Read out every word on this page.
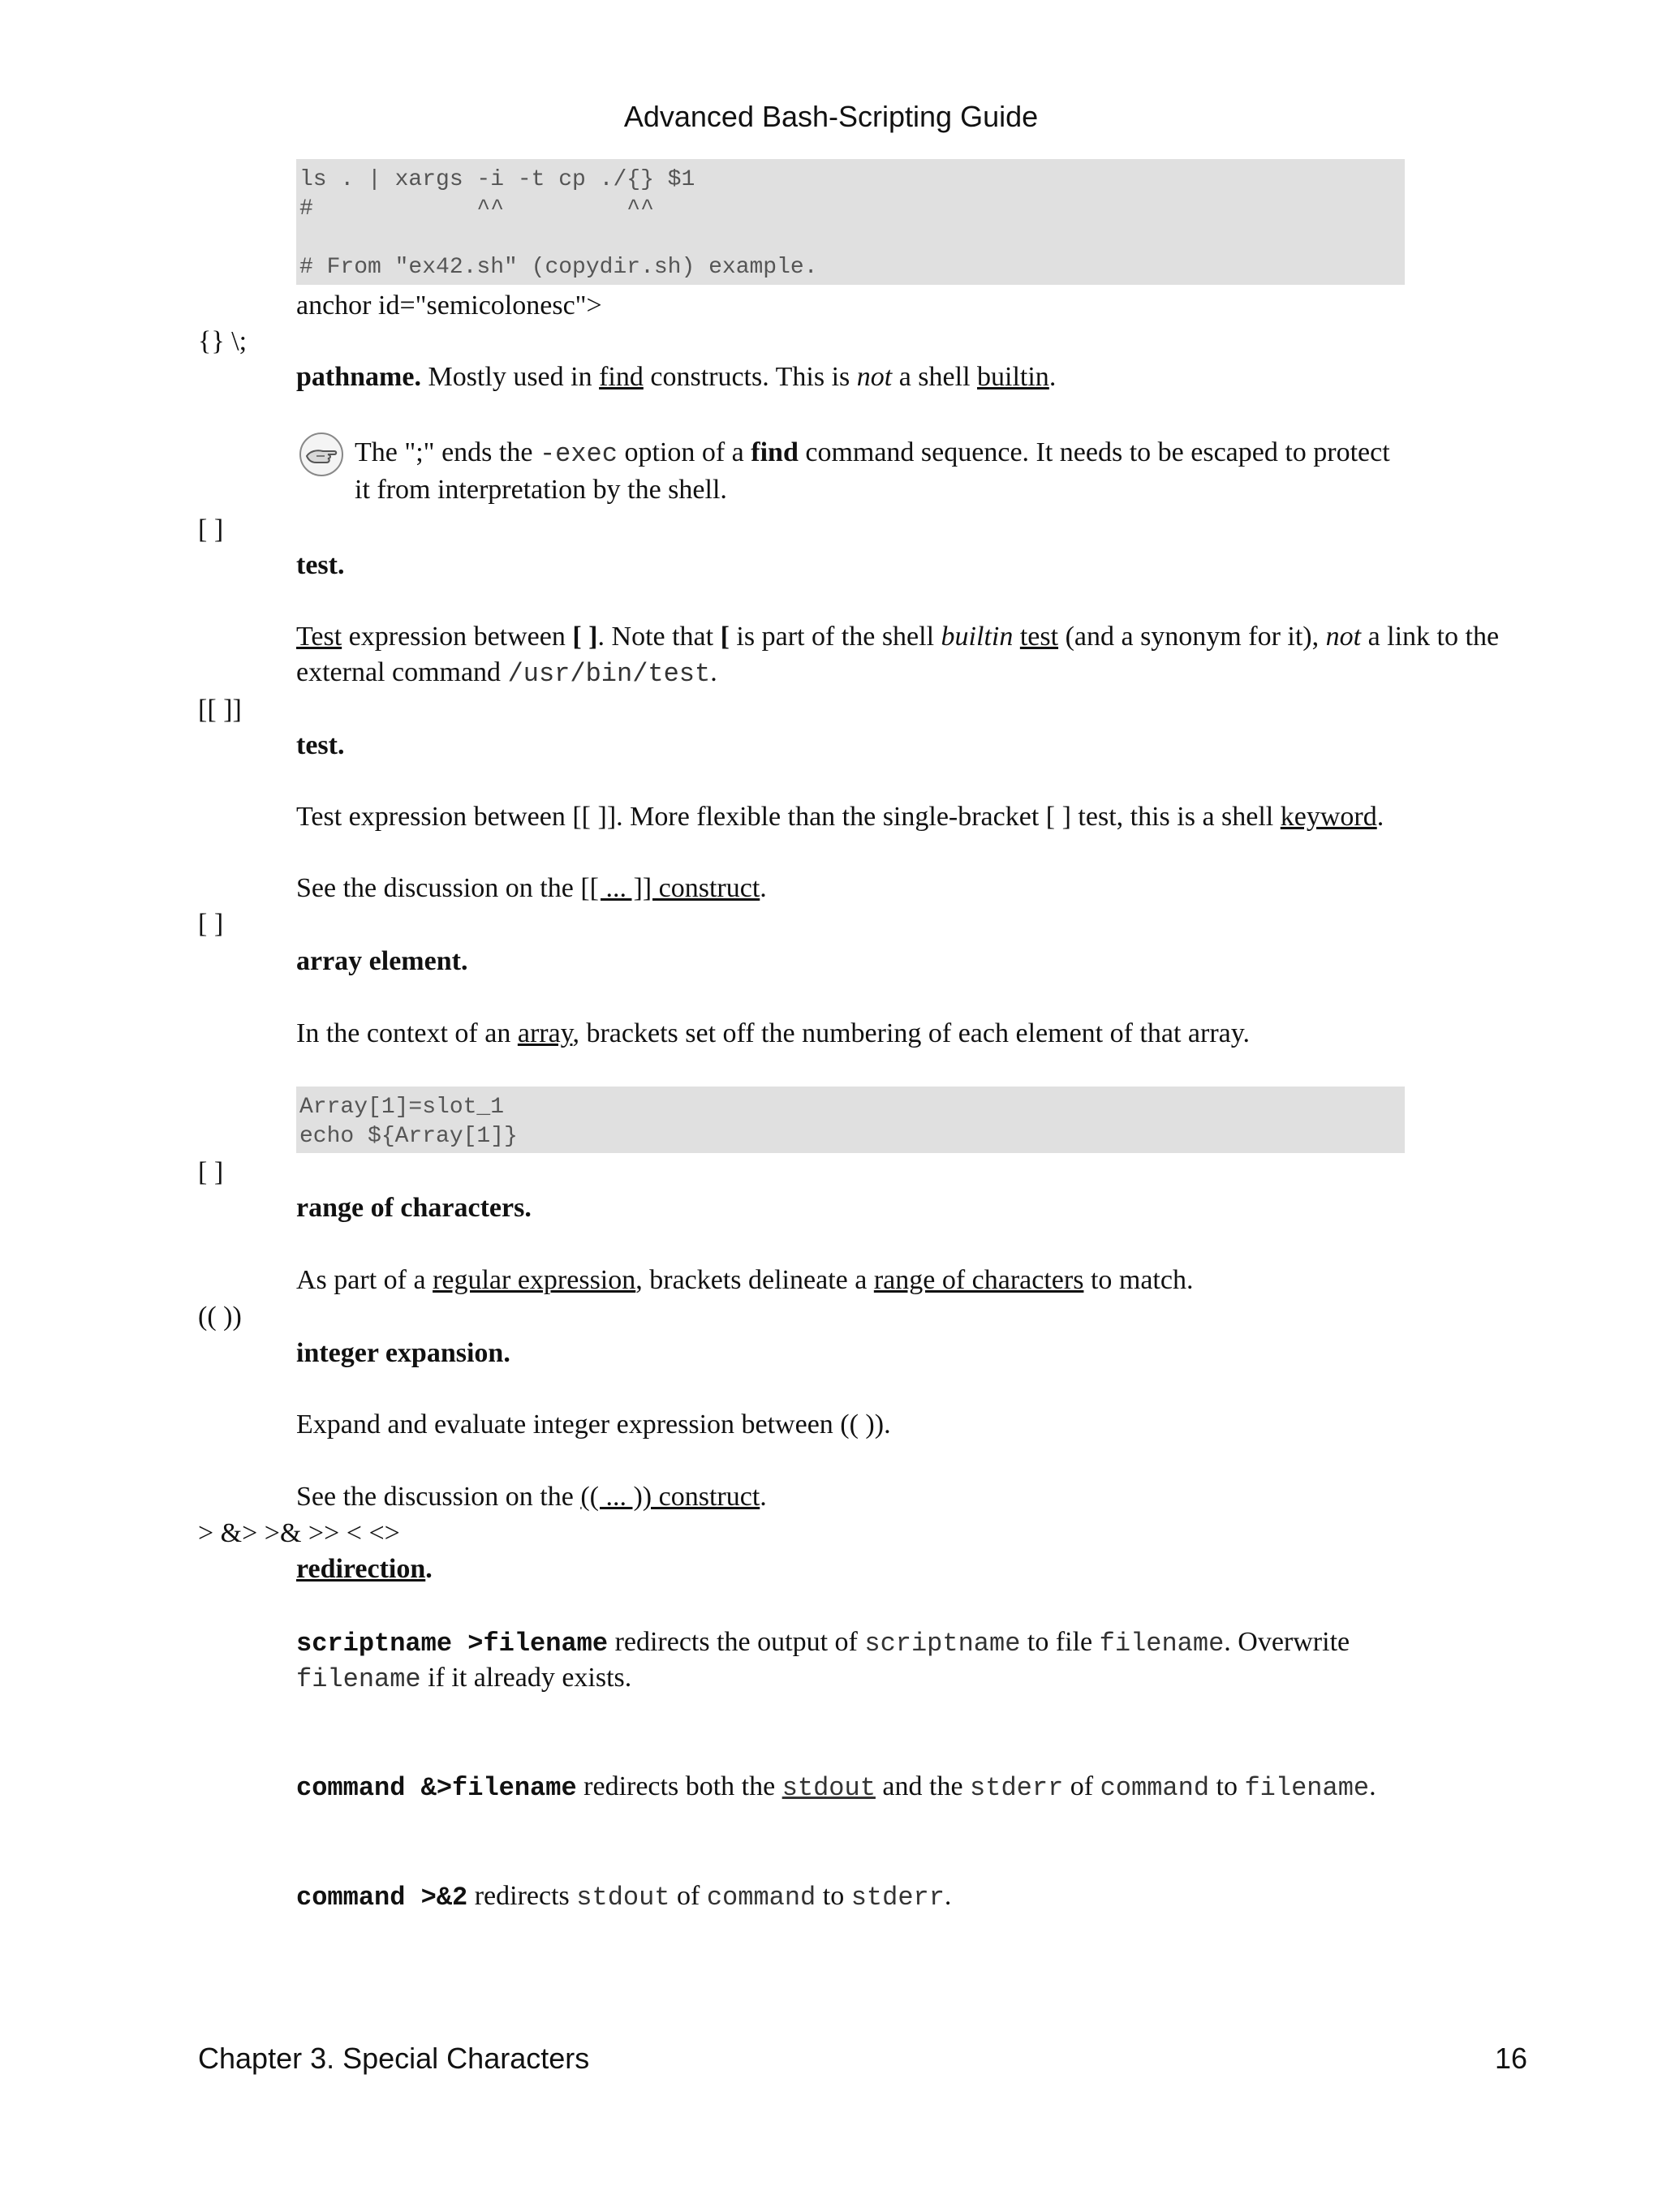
Advanced Bash-Scripting Guide
ls . | xargs -i -t cp ./{} $1
#            ^^         ^^

# From "ex42.sh" (copydir.sh) example.
anchor id="semicolonesc">
{} \;
pathname. Mostly used in find constructs. This is not a shell builtin.
The ";" ends the -exec option of a find command sequence. It needs to be escaped to protect it from interpretation by the shell.
[ ]
test.
Test expression between [ ]. Note that [ is part of the shell builtin test (and a synonym for it), not a link to the external command /usr/bin/test.
[[ ]]
test.
Test expression between [[ ]]. More flexible than the single-bracket [ ] test, this is a shell keyword.
See the discussion on the [[ ... ]] construct.
[ ]
array element.
In the context of an array, brackets set off the numbering of each element of that array.
Array[1]=slot_1
echo ${Array[1]}
[ ]
range of characters.
As part of a regular expression, brackets delineate a range of characters to match.
(( ))
integer expansion.
Expand and evaluate integer expression between (( )).
See the discussion on the (( ... )) construct.
> &> >& >> < <>
redirection.
scriptname >filename redirects the output of scriptname to file filename. Overwrite
filename if it already exists.
command &>filename redirects both the stdout and the stderr of command to filename.
command >&2 redirects stdout of command to stderr.
Chapter 3. Special Characters	16
